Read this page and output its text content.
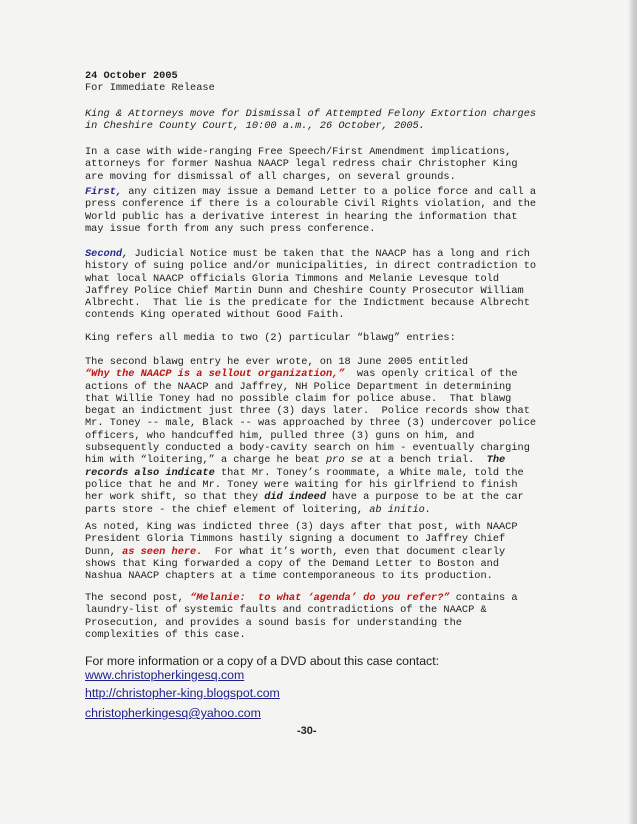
24 October 2005
For Immediate Release
King & Attorneys move for Dismissal of Attempted Felony Extortion charges
in Cheshire County Court, 10:00 a.m., 26 October, 2005.
In a case with wide-ranging Free Speech/First Amendment implications,
attorneys for former Nashua NAACP legal redress chair Christopher King
are moving for dismissal of all charges, on several grounds.
First, any citizen may issue a Demand Letter to a police force and call a
press conference if there is a colourable Civil Rights violation, and the
World public has a derivative interest in hearing the information that
may issue forth from any such press conference.
Second, Judicial Notice must be taken that the NAACP has a long and rich
history of suing police and/or municipalities, in direct contradiction to
what local NAACP officials Gloria Timmons and Melanie Levesque told
Jaffrey Police Chief Martin Dunn and Cheshire County Prosecutor William
Albrecht.  That lie is the predicate for the Indictment because Albrecht
contends King operated without Good Faith.
King refers all media to two (2) particular “blawg” entries:
The second blawg entry he ever wrote, on 18 June 2005 entitled
“Why the NAACP is a sellout organization,”  was openly critical of the
actions of the NAACP and Jaffrey, NH Police Department in determining
that Willie Toney had no possible claim for police abuse.  That blawg
begat an indictment just three (3) days later.  Police records show that
Mr. Toney -- male, Black -- was approached by three (3) undercover police
officers, who handcuffed him, pulled three (3) guns on him, and
subsequently conducted a body-cavity search on him - eventually charging
him with “loitering,” a charge he beat pro se at a bench trial.  The
records also indicate that Mr. Toney’s roommate, a White male, told the
police that he and Mr. Toney were waiting for his girlfriend to finish
her work shift, so that they did indeed have a purpose to be at the car
parts store - the chief element of loitering, ab initio.
As noted, King was indicted three (3) days after that post, with NAACP
President Gloria Timmons hastily signing a document to Jaffrey Chief
Dunn, as seen here.  For what it’s worth, even that document clearly
shows that King forwarded a copy of the Demand Letter to Boston and
Nashua NAACP chapters at a time contemporaneous to its production.
The second post, “Melanie:  to what ‘agenda’ do you refer?” contains a
laundry-list of systemic faults and contradictions of the NAACP &
Prosecution, and provides a sound basis for understanding the
complexities of this case.
For more information or a copy of a DVD about this case contact:
www.christopherkingesq.com
http://christopher-king.blogspot.com
christopherkingesq@yahoo.com
-30-
